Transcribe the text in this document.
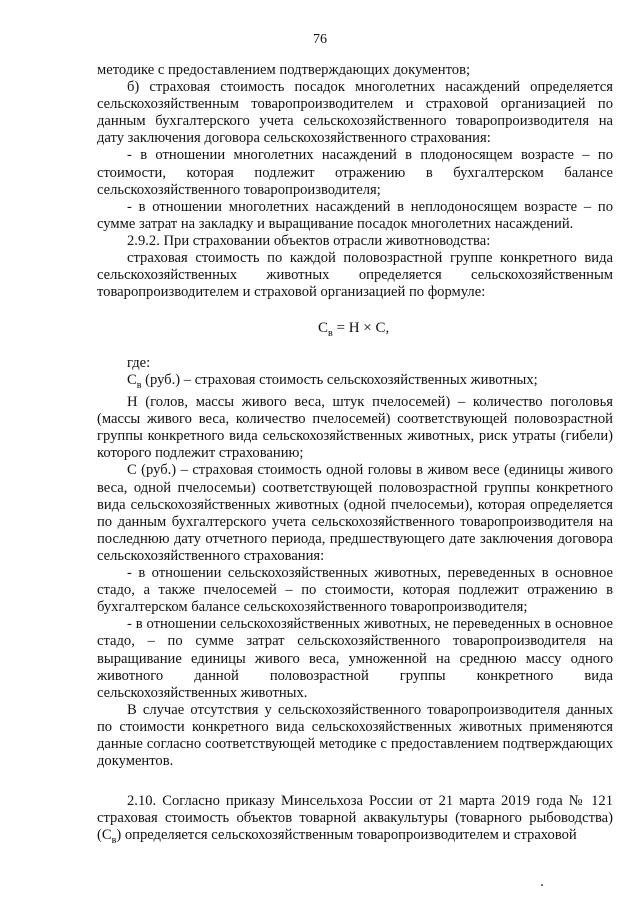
76

методике с предоставлением подтверждающих документов;

б) страховая стоимость посадок многолетних насаждений определяется сельскохозяйственным товаропроизводителем и страховой организацией по данным бухгалтерского учета сельскохозяйственного товаропроизводителя на дату заключения договора сельскохозяйственного страхования:

- в отношении многолетних насаждений в плодоносящем возрасте – по стоимости, которая подлежит отражению в бухгалтерском балансе сельскохозяйственного товаропроизводителя;

- в отношении многолетних насаждений в неплодоносящем возрасте – по сумме затрат на закладку и выращивание посадок многолетних насаждений.

2.9.2. При страховании объектов отрасли животноводства:

страховая стоимость по каждой половозрастной группе конкретного вида сельскохозяйственных животных определяется сельскохозяйственным товаропроизводителем и страховой организацией по формуле:

$С_в = Н \times С$,

где:

$С_в$ (руб.) – страховая стоимость сельскохозяйственных животных;

Н (голов, массы живого веса, штук пчелосемей) – количество поголовья (массы живого веса, количество пчелосемей) соответствующей половозрастной группы конкретного вида сельскохозяйственных животных, риск утраты (гибели) которого подлежит страхованию;

С (руб.) – страховая стоимость одной головы в живом весе (единицы живого веса, одной пчелосемьи) соответствующей половозрастной группы конкретного вида сельскохозяйственных животных (одной пчелосемьи), которая определяется по данным бухгалтерского учета сельскохозяйственного товаропроизводителя на последнюю дату отчетного периода, предшествующего дате заключения договора сельскохозяйственного страхования:

- в отношении сельскохозяйственных животных, переведенных в основное стадо, а также пчелосемей – по стоимости, которая подлежит отражению в бухгалтерском балансе сельскохозяйственного товаропроизводителя;

- в отношении сельскохозяйственных животных, не переведенных в основное стадо, – по сумме затрат сельскохозяйственного товаропроизводителя на выращивание единицы живого веса, умноженной на среднюю массу одного животного данной половозрастной группы конкретного вида сельскохозяйственных животных.

В случае отсутствия у сельскохозяйственного товаропроизводителя данных по стоимости конкретного вида сельскохозяйственных животных применяются данные согласно соответствующей методике с предоставлением подтверждающих документов.

2.10. Согласно приказу Минсельхоза России от 21 марта 2019 года № 121 страховая стоимость объектов товарной аквакультуры (товарного рыбоводства) $(С_в)$ определяется сельскохозяйственным товаропроизводителем и страховой
